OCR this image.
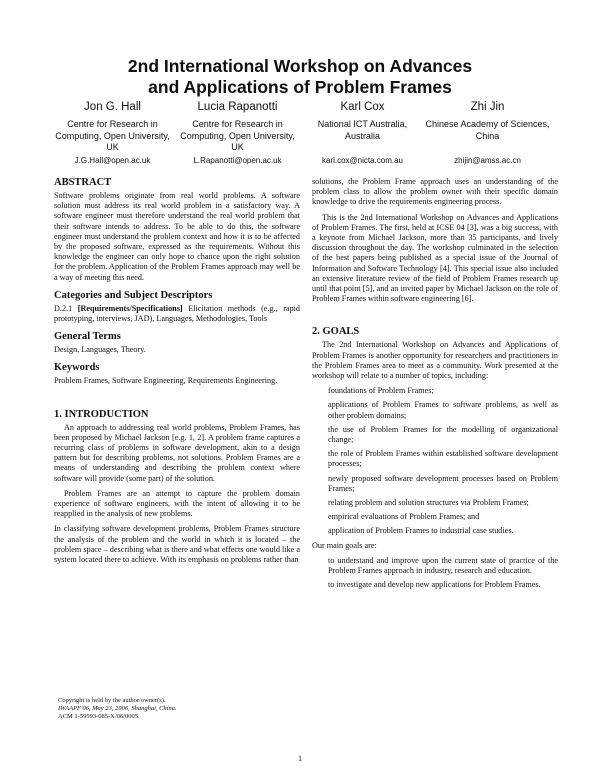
2nd International Workshop on Advances
and Applications of Problem Frames
Jon G. Hall
Centre for Research in Computing, Open University, UK
J.G.Hall@open.ac.uk
Lucia Rapanotti
Centre for Research in Computing, Open University, UK
L.Rapanotti@open.ac.uk
Karl Cox
National ICT Australia, Australia
karl.cox@nicta.com.au
Zhi Jin
Chinese Academy of Sciences, China
zhijin@amss.ac.cn
ABSTRACT

Software problems originate from real world problems. A software solution must address its real world problem in a satisfactory way. A software engineer must therefore understand the real world problem that their software intends to address. To be able to do this, the software engineer must understand the problem context and how it is to be affected by the proposed software, expressed as the requirements. Without this knowledge the engineer can only hope to chance upon the right solution for the problem. Application of the Problem Frames approach may well be a way of meeting this need.

Categories and Subject Descriptors

D.2.1 [Requirements/Specifications] Elicitation methods (e.g., rapid prototyping, interviews, JAD), Languages, Methodologies, Tools

General Terms

Design, Languages, Theory.

Keywords

Problem Frames, Software Engineering, Requirements Engineering.

1. INTRODUCTION

An approach to addressing real world problems, Problem Frames, has been proposed by Michael Jackson [e.g. 1, 2]. A problem frame captures a recurring class of problems in software development, akin to a design pattern but for describing problems, not solutions. Problem Frames are a means of understanding and describing the problem context where software will provide (some part) of the solution.

Problem Frames are an attempt to capture the problem domain experience of software engineers, with the intent of allowing it to be reapplied in the analysis of new problems.

In classifying software development problems, Problem Frames structure the analysis of the problem and the world in which it is located – the problem space – describing what is there and what effects one would like a system located there to achieve. With its emphasis on problems rather than

solutions, the Problem Frame approach uses an understanding of the problem class to allow the problem owner with their specific domain knowledge to drive the requirements engineering process.

This is the 2nd International Workshop on Advances and Applications of Problem Frames. The first, held at ICSE 04 [3], was a big success, with a keynote from Michael Jackson, more than 35 participants, and lively discussion throughout the day. The workshop culminated in the selection of the best papers being published as a special issue of the Journal of Information and Software Technology [4]. This special issue also included an extensive literature review of the field of Problem Frames research up until that point [5], and an invited paper by Michael Jackson on the role of Problem Frames within software engineering [6].

2. GOALS

The 2nd International Workshop on Advances and Applications of Problem Frames is another opportunity for researchers and practitioners in the Problem Frames area to meet as a community. Work presented at the workshop will relate to a number of topics, including:

foundations of Problem Frames;
applications of Problem Frames to software problems, as well as other problem domains;
the use of Problem Frames for the modelling of organizational change;
the role of Problem Frames within established software development processes;
newly proposed software development processes based on Problem Frames;
relating problem and solution structures via Problem Frames;
empirical evaluations of Problem Frames; and
application of Problem Frames to industrial case studies.

Our main goals are:

to understand and improve upon the current state of practice of the Problem Frames approach in industry, research and education.
to investigate and develop new applications for Problem Frames.
Copyright is held by the author/owner(s).
IWAAPF'06, May 23, 2006, Shanghai, China.
ACM 1-59593-085-X/06/0005.
1
